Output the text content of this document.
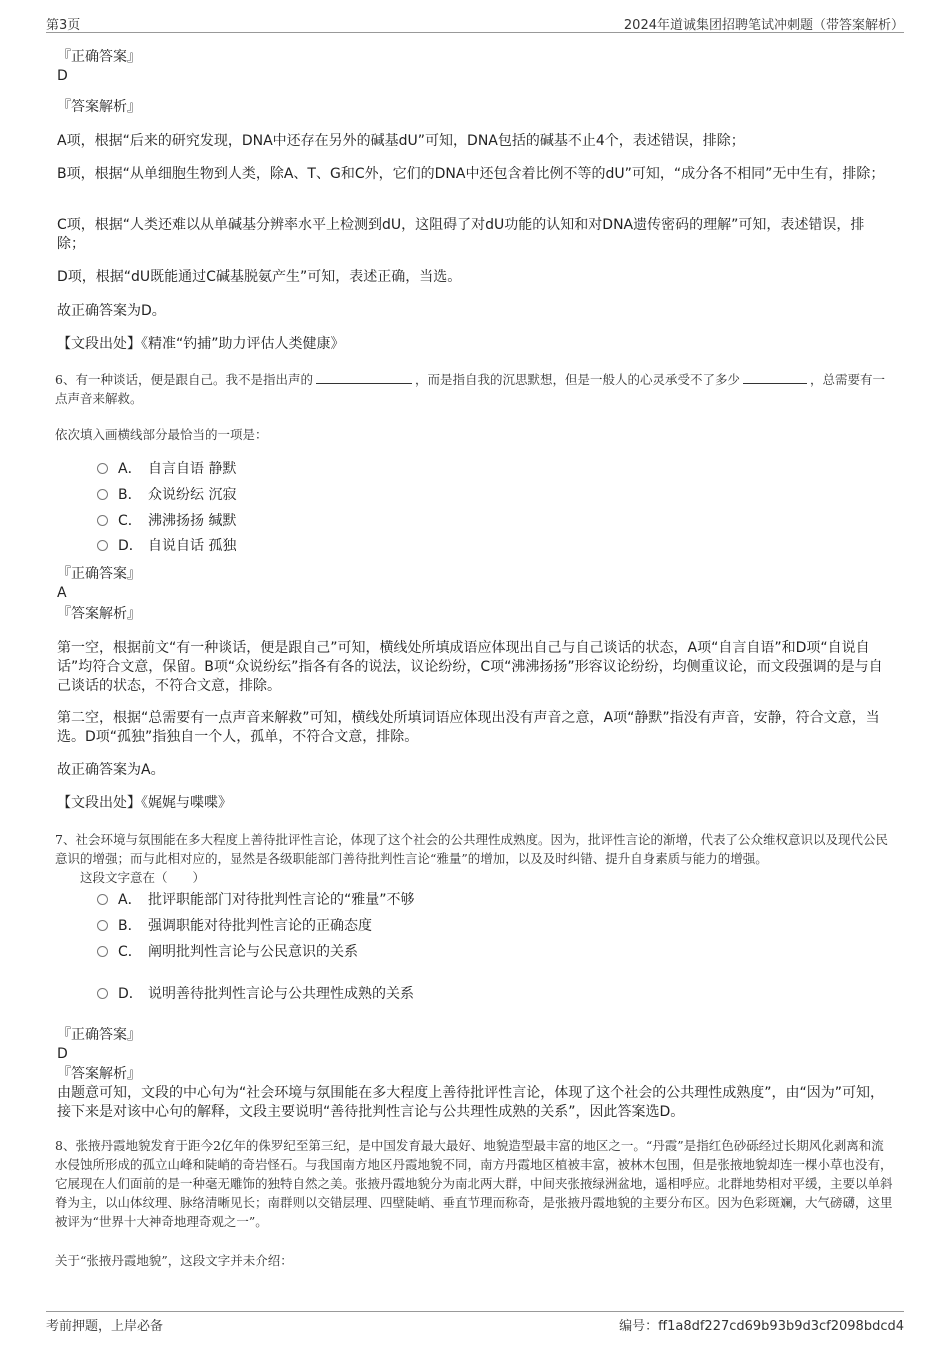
第3页	2024年道诚集团招聘笔试冲刺题（带答案解析）
『正确答案』
D
『答案解析』
A项，根据“后来的研究发现，DNA中还存在另外的碱基dU”可知，DNA包括的碱基不止4个，表述错误，排除；
B项，根据“从单细胞生物到人类，除A、T、G和C外，它们的DNA中还包含着比例不等的dU”可知，“成分各不相同”无中生有，排除；
C项，根据“人类还难以从单碱基分辨率水平上检测到dU，这阻碍了对dU功能的认知和对DNA遗传密码的理解”可知，表述错误，排除；
D项，根据“dU既能通过C碱基脱氨产生”可知，表述正确，当选。
故正确答案为D。
【文段出处】《精准“钓捕”助力评估人类健康》
6、有一种谈话，便是跟自己。我不是指出声的	，而是指自我的沉思默想，但是一般人的心灵承受不了多少	，总需要有一点声音来解救。
依次填入画横线部分最恰当的一项是：
A． 自言自语 静默
B． 众说纷纭 沉寂
C． 沸沸扬扬 缄默
D． 自说自话 孤独
『正确答案』
A
『答案解析』
第一空，根据前文“有一种谈话，便是跟自己”可知，横线处所填成语应体现出自己与自己谈话的状态，A项“自言自语”和D项“自说自话”均符合文意，保留。B项“众说纷纭”指各有各的说法，议论纷纷，C项“沸沸扬扬”形容议论纷纷，均侧重议论，而文段强调的是与自己谈话的状态，不符合文意，排除。
第二空，根据“总需要有一点声音来解救”可知，横线处所填词语应体现出没有声音之意，A项“静默”指没有声音，安静，符合文意，当选。D项“孤独”指独自一个人，孤单，不符合文意，排除。
故正确答案为A。
【文段出处】《娓娓与喋喋》
7、社会环境与氛围能在多大程度上善待批评性言论，体现了这个社会的公共理性成熟度。因为，批评性言论的渐增，代表了公众维权意识以及现代公民意识的增强；而与此相对应的，显然是各级职能部门善待批判性言论“雅量”的增加，以及及时纠错、提升自身素质与能力的增强。
这段文字意在（　　）
A． 批评职能部门对待批判性言论的“雅量”不够
B． 强调职能对待批判性言论的正确态度
C． 阐明批判性言论与公民意识的关系
D． 说明善待批判性言论与公共理性成熟的关系
『正确答案』
D
『答案解析』
由题意可知，文段的中心句为“社会环境与氛围能在多大程度上善待批评性言论，体现了这个社会的公共理性成熟度”，由“因为”可知，接下来是对该中心句的解释，文段主要说明“善待批判性言论与公共理性成熟的关系”，因此答案选D。
8、张掖丹霞地貌发育于距今2亿年的侏罗纪至第三纪，是中国发育最大最好、地貌造型最丰富的地区之一。“丹霞”是指红色砂砾经过长期风化剥离和流水侵蚀所形成的孤立山峰和陡峭的奇岩怪石。与我国南方地区丹霞地貌不同，南方丹霞地区植被丰富，被林木包围，但是张掖地貌却连一棵小草也没有，它展现在人们面前的是一种毫无雕饰的独特自然之美。张掖丹霞地貌分为南北两大群，中间夹张掖绿洲盆地，遥相呼应。北群地势相对平缓，主要以单斜脊为主，以山体纹理、脉络清晰见长；南群则以交错层理、四壁陡峭、垂直节理而称奇，是张掖丹霞地貌的主要分布区。因为色彩斑斓，大气磅礴，这里被评为“世界十大神奇地理奇观之一”。
关于“张掖丹霞地貌”，这段文字并未介绍：
考前押题，上岸必备	编号：ff1a8df227cd69b93b9d3cf2098bdcd4
